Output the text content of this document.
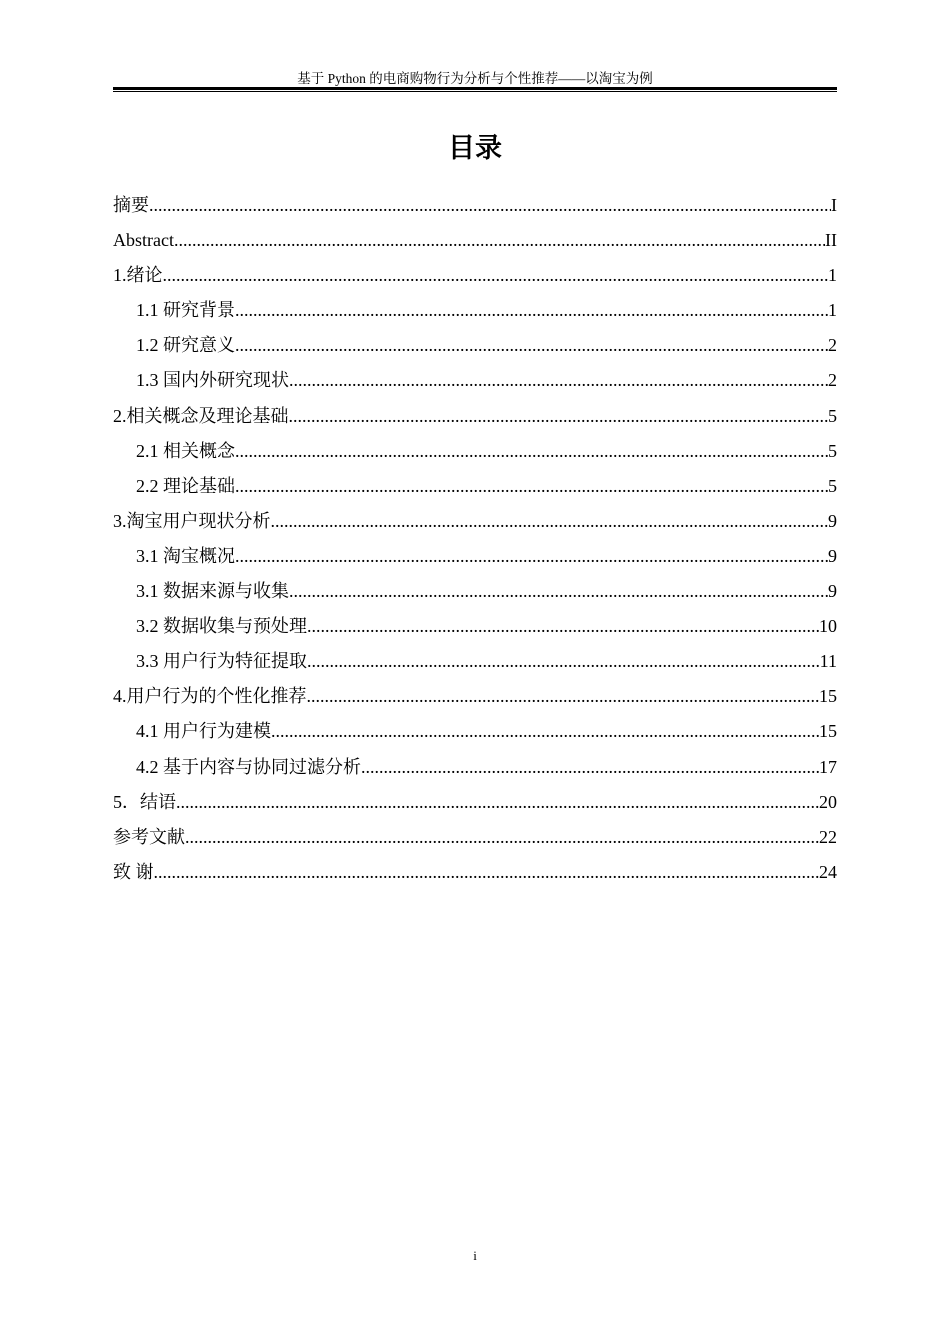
基于 Python 的电商购物行为分析与个性推荐——以淘宝为例
目录
摘要 .....	I
Abstract .....	II
1.绪论 .....	1
1.1 研究背景 .....	1
1.2 研究意义 .....	2
1.3 国内外研究现状 .....	2
2.相关概念及理论基础 .....	5
2.1 相关概念 .....	5
2.2 理论基础 .....	5
3.淘宝用户现状分析 .....	9
3.1 淘宝概况 .....	9
3.1 数据来源与收集 .....	9
3.2 数据收集与预处理 .....	10
3.3 用户行为特征提取 .....	11
4.用户行为的个性化推荐 .....	15
4.1 用户行为建模 .....	15
4.2 基于内容与协同过滤分析 .....	17
5．结语 .....	20
参考文献 .....	22
致 谢 .....	24
i
